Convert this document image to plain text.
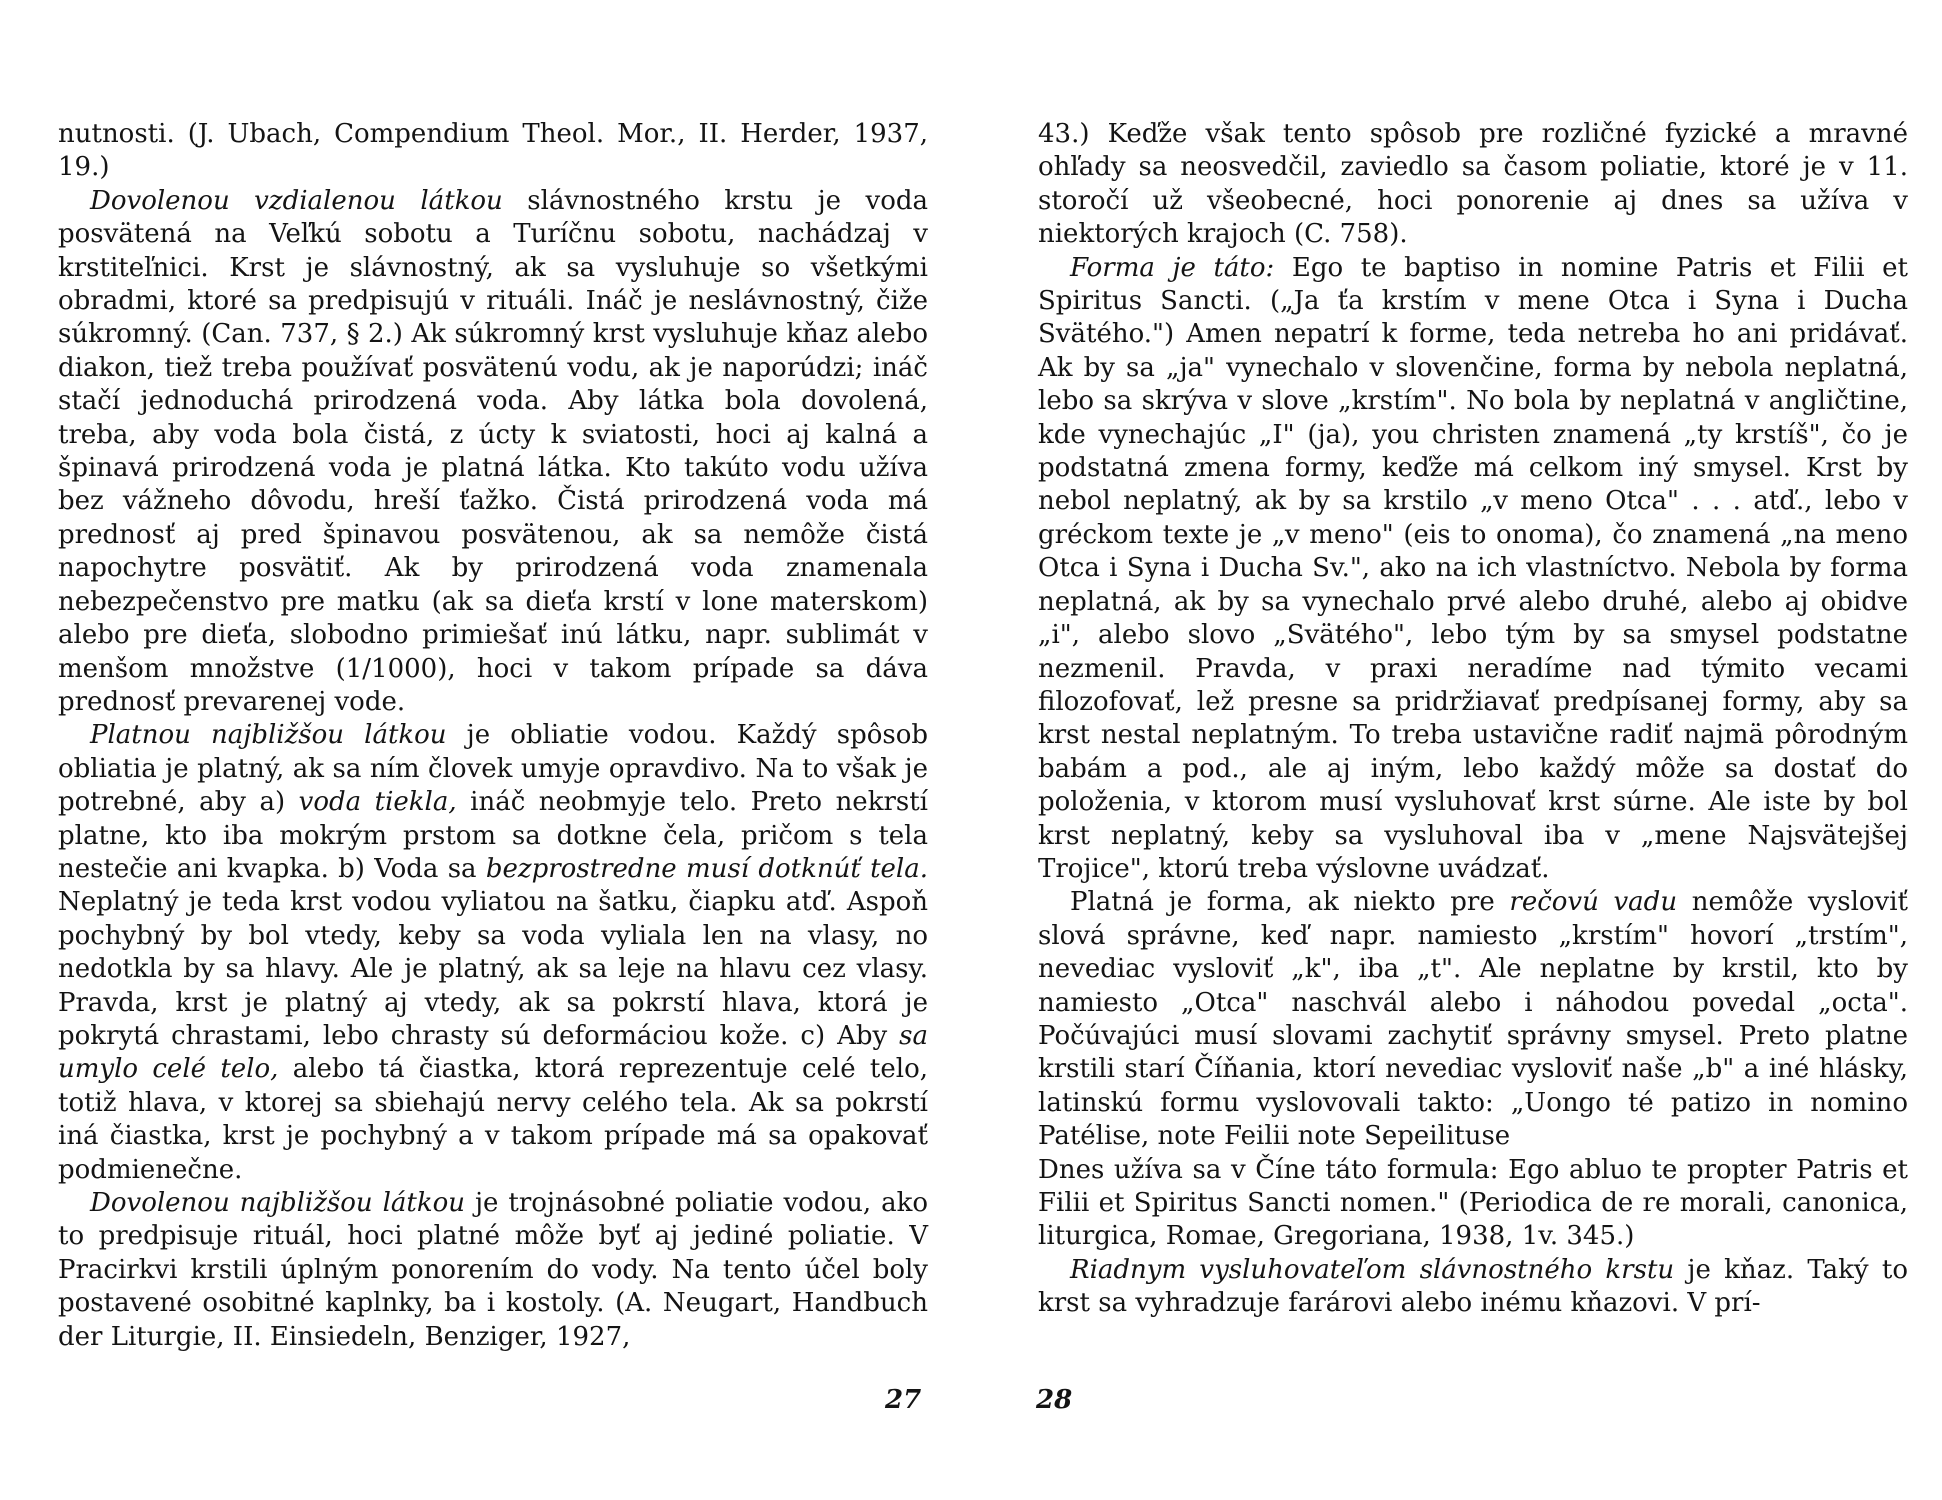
nutnosti. (J. Ubach, Compendium Theol. Mor., II. Herder, 1937, 19.)

Dovolenou vzdialenou látkou slávnostného krstu je voda posvätená na Veľkú sobotu a Turíčnu sobotu, nachádzaj v krstiteľnici. Krst je slávnostný, ak sa vysluhuje so všetkými obradmi, ktoré sa predpisujú v rituáli. Ináč je neslávnostný, čiže súkromný. (Can. 737, § 2.) Ak súkromný krst vysluhuje kňaz alebo diakon, tiež treba používať posvätenú vodu, ak je naporúdzi; ináč stačí jednoduchá prirodzená voda. Aby látka bola dovolená, treba, aby voda bola čistá, z úcty k sviatosti, hoci aj kalná a špinavá prirodzená voda je platná látka. Kto takúto vodu užíva bez vážneho dôvodu, hreší ťažko. Čistá prirodzená voda má prednosť aj pred špinavou posvätenou, ak sa nemôže čistá napochytre posvätiť. Ak by prirodzená voda znamenala nebezpečenstvo pre matku (ak sa dieťa krstí v lone materskom) alebo pre dieťa, slobodno primiešať inú látku, napr. sublimát v menšom množstve (1/1000), hoci v takom prípade sa dáva prednosť prevarenej vode.

Platnou najbližšou látkou je obliatie vodou. Každý spôsob obliatia je platný, ak sa ním človek umyje opravdivo. Na to však je potrebné, aby a) voda tiekla, ináč neobmyje telo. Preto nekrstí platne, kto iba mokrým prstom sa dotkne čela, pričom s tela nestečie ani kvapka. b) Voda sa bezprostredne musí dotknúť tela. Neplatný je teda krst vodou vyliatou na šatku, čiapku atď. Aspoň pochybný by bol vtedy, keby sa voda vyliala len na vlasy, no nedotkla by sa hlavy. Ale je platný, ak sa leje na hlavu cez vlasy. Pravda, krst je platný aj vtedy, ak sa pokrstí hlava, ktorá je pokrytá chrastami, lebo chrasty sú deformáciou kože. c) Aby sa umylo celé telo, alebo tá čiastka, ktorá reprezentuje celé telo, totiž hlava, v ktorej sa sbiehajú nervy celého tela. Ak sa pokrstí iná čiastka, krst je pochybný a v takom prípade má sa opakovať podmienečne.

Dovolenou najbližšou látkou je trojnásobné poliatie vodou, ako to predpisuje rituál, hoci platné môže byť aj jediné poliatie. V Pracirkvi krstili úplným ponorením do vody. Na tento účel boly postavené osobitné kaplnky, ba i kostoly. (A. Neugart, Handbuch der Liturgie, II. Einsiedeln, Benziger, 1927,

27

43.) Keďže však tento spôsob pre rozličné fyzické a mravné ohľady sa neosvedčil, zaviedlo sa časom poliatie, ktoré je v 11. storočí už všeobecné, hoci ponorenie aj dnes sa užíva v niektorých krajoch (C. 758).

Forma je táto: Ego te baptiso in nomine Patris et Filii et Spiritus Sancti. („Ja ťa krstím v mene Otca i Syna i Ducha Svätého.") Amen nepatrí k forme, teda netreba ho ani pridávať. Ak by sa „ja" vynechalo v slovenčine, forma by nebola neplatná, lebo sa skrýva v slove „krstím". No bola by neplatná v angličtine, kde vynechajúc „I" (ja), you christen znamená „ty krstíš", čo je podstatná zmena formy, keďže má celkom iný smysel. Krst by nebol neplatný, ak by sa krstilo „v meno Otca" . . . atď., lebo v gréckom texte je „v meno" (eis to onoma), čo znamená „na meno Otca i Syna i Ducha Sv.", ako na ich vlastníctvo. Nebola by forma neplatná, ak by sa vynechalo prvé alebo druhé, alebo aj obidve „i", alebo slovo „Svätého", lebo tým by sa smysel podstatne nezmenil. Pravda, v praxi neradíme nad týmito vecami filozofovať, lež presne sa pridržiavať predpísanej formy, aby sa krst nestal neplatným. To treba ustavične radiť najmä pôrodným babám a pod., ale aj iným, lebo každý môže sa dostať do položenia, v ktorom musí vysluhovať krst súrne. Ale iste by bol krst neplatný, keby sa vysluhoval iba v „mene Najsvätejšej Trojice", ktorú treba výslovne uvádzať.

Platná je forma, ak niekto pre rečovú vadu nemôže vysloviť slová správne, keď napr. namiesto „krstím" hovorí „trstím", nevediac vysloviť „k", iba „t". Ale neplatne by krstil, kto by namiesto „Otca" naschvál alebo i náhodou povedal „octa". Počúvajúci musí slovami zachytiť správny smysel. Preto platne krstili starí Číňania, ktorí nevediac vysloviť naše „b" a iné hlásky, latinskú formu vyslovovali takto: „Uongo té patizo in nomino Patélise, note Feilii note Sepeilituse

Dnes užíva sa v Číne táto formula: Ego abluo te propter Patris et Filii et Spiritus Sancti nomen." (Periodica de re morali, canonica, liturgica, Romae, Gregoriana, 1938, 1v. 345.)

Riadnym vysluhovateľom slávnostného krstu je kňaz. Taký to krst sa vyhradzuje farárovi alebo inému kňazovi. V prí-

28
